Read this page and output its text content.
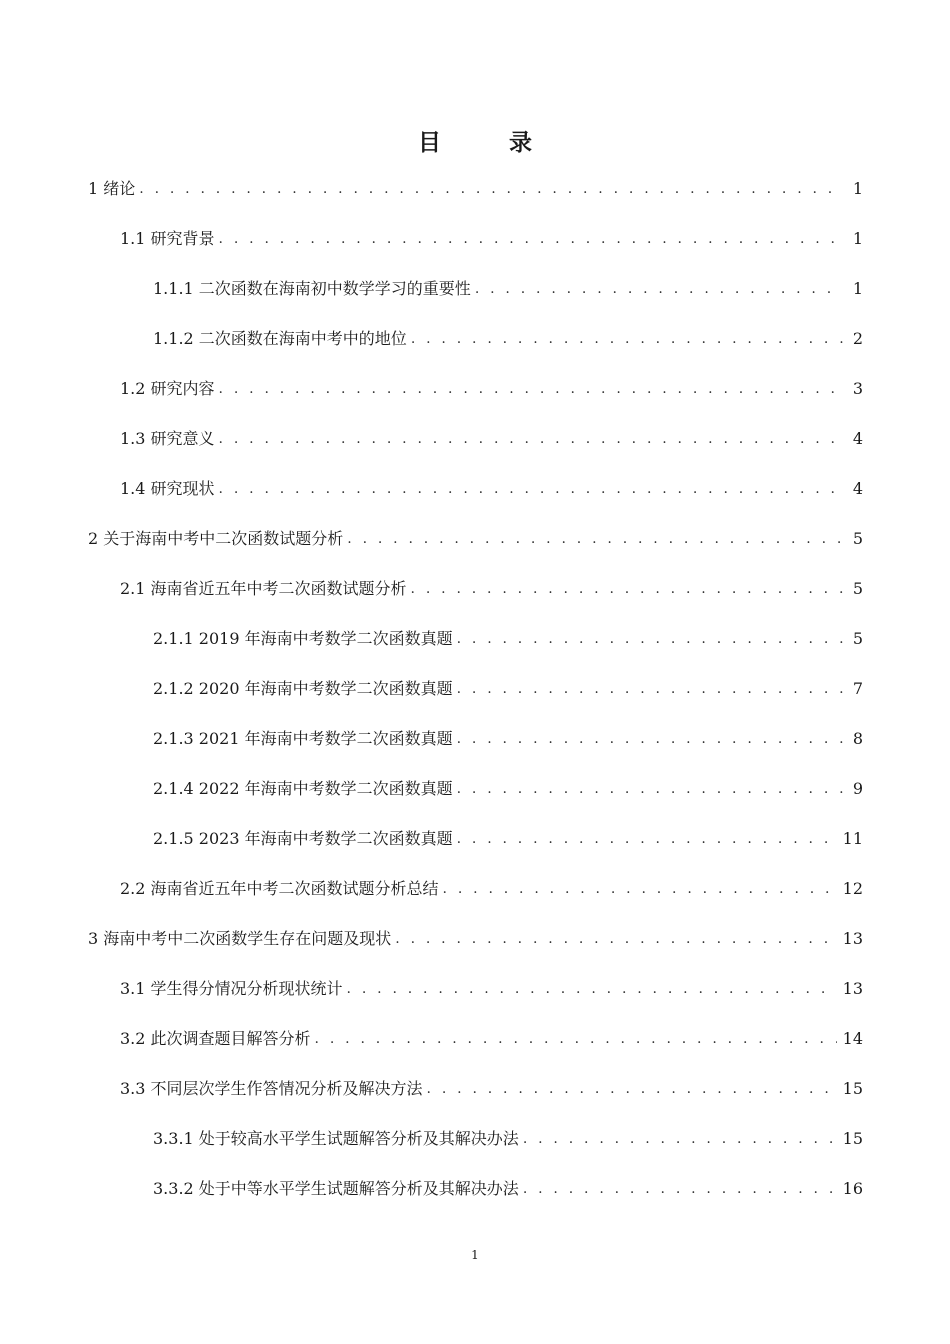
目 录
1 绪论 . . .	1
1.1 研究背景 . . .	1
1.1.1 二次函数在海南初中数学学习的重要性 . . .	1
1.1.2 二次函数在海南中考中的地位 . . .	2
1.2 研究内容 . . .	3
1.3 研究意义 . . .	4
1.4 研究现状 . . .	4
2 关于海南中考中二次函数试题分析 . . .	5
2.1 海南省近五年中考二次函数试题分析 . . .	5
2.1.1 2019 年海南中考数学二次函数真题 . . .	5
2.1.2 2020 年海南中考数学二次函数真题 . . .	7
2.1.3 2021 年海南中考数学二次函数真题 . . .	8
2.1.4 2022 年海南中考数学二次函数真题 . . .	9
2.1.5 2023 年海南中考数学二次函数真题 . . .	11
2.2 海南省近五年中考二次函数试题分析总结 . . .	12
3 海南中考中二次函数学生存在问题及现状 . . .	13
3.1 学生得分情况分析现状统计 . . .	13
3.2 此次调查题目解答分析 . . .	14
3.3 不同层次学生作答情况分析及解决方法 . . .	15
3.3.1 处于较高水平学生试题解答分析及其解决办法 . . .	15
3.3.2 处于中等水平学生试题解答分析及其解决办法 . . .	16
1
